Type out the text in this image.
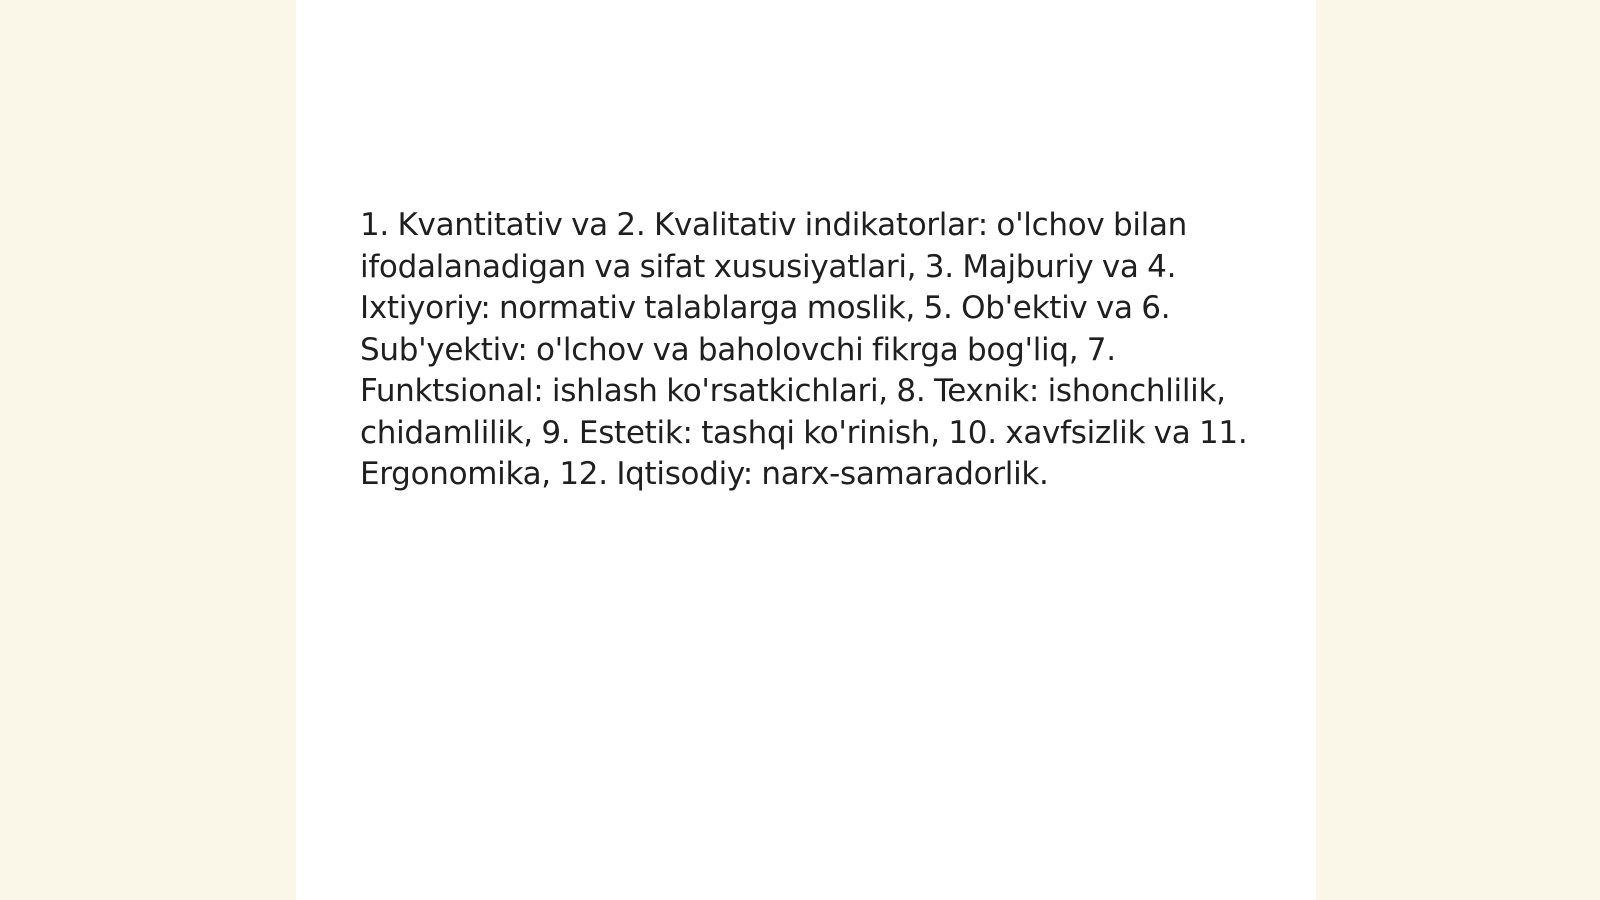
1. Kvantitativ va 2. Kvalitativ indikatorlar: o'lchov bilan ifodalanadigan va sifat xususiyatlari, 3. Majburiy va 4. Ixtiyoriy: normativ talablarga moslik, 5. Ob'ektiv va 6. Sub'yektiv: o'lchov va baholovchi fikrga bog'liq, 7. Funktsional: ishlash ko'rsatkichlari, 8. Texnik: ishonchlilik, chidamlilik, 9. Estetik: tashqi ko'rinish, 10. xavfsizlik va 11. Ergonomika, 12. Iqtisodiy: narx-samaradorlik.
